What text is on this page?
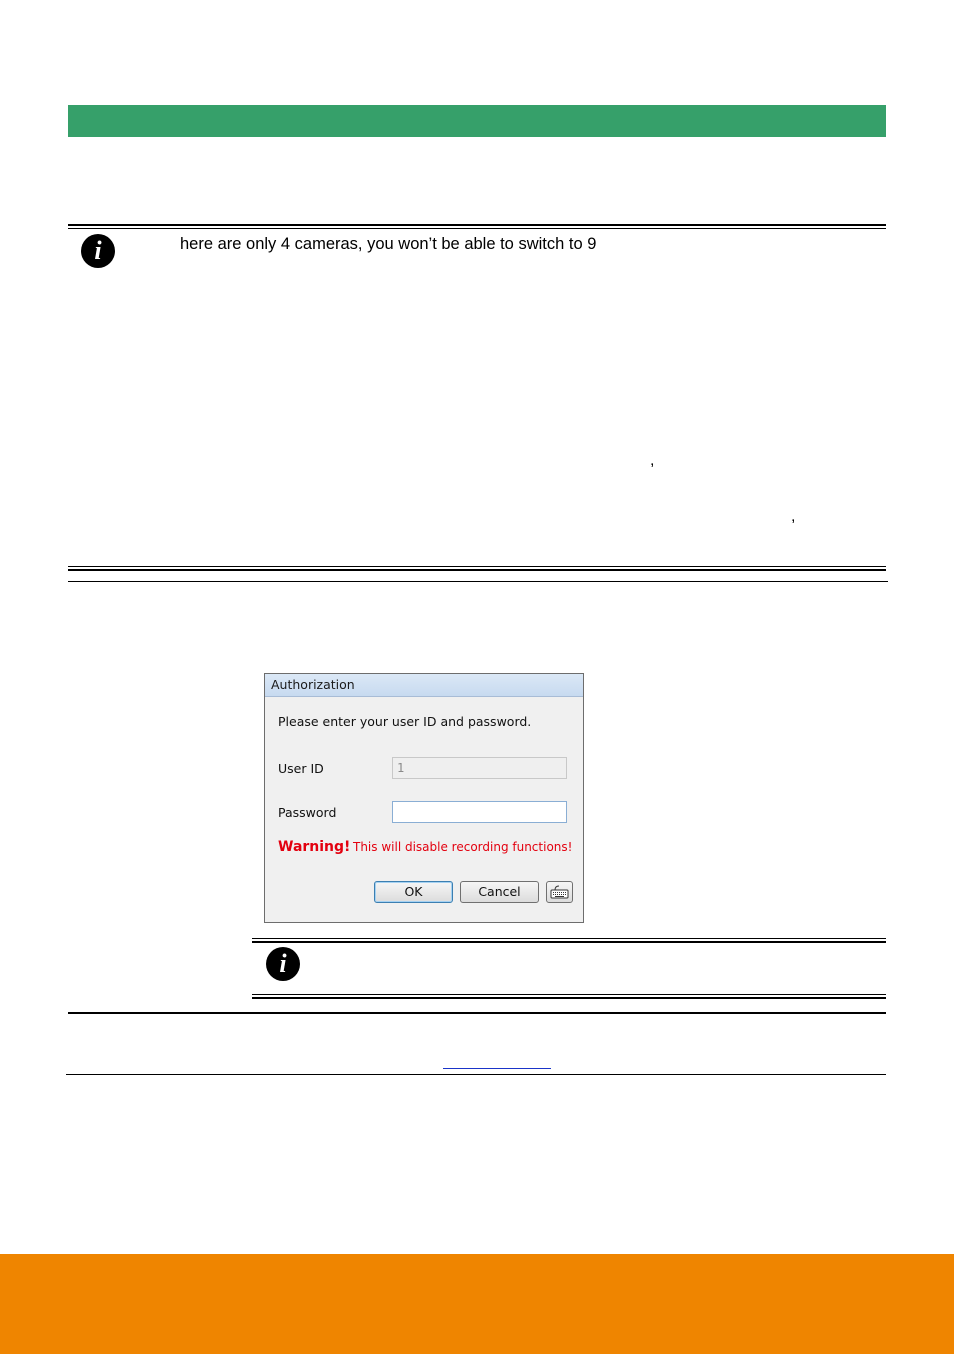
i	here are only 4 cameras, you won’t be able to switch to 9
,
,
Authorization
Please enter your user ID and password.
User ID	1
Password
Warning! This will disable recording functions!
OK	Cancel
i
